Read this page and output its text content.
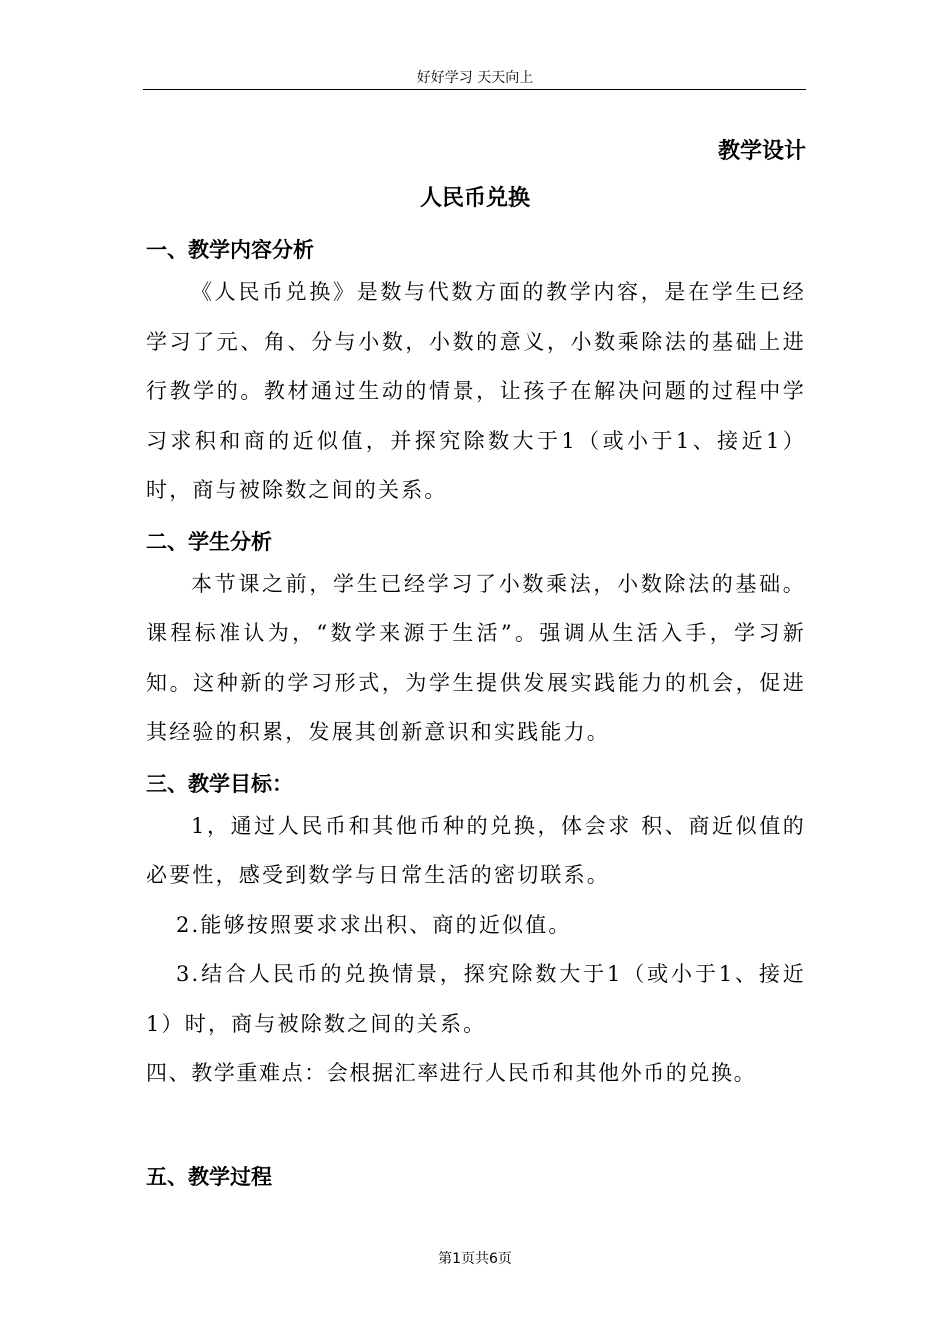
好好学习 天天向上
教学设计
人民币兑换

一、教学内容分析

《人民币兑换》是数与代数方面的教学内容，是在学生已经学习了元、角、分与小数，小数的意义，小数乘除法的基础上进行教学的。教材通过生动的情景，让孩子在解决问题的过程中学习求积和商的近似值，并探究除数大于1（或小于1、接近1）时，商与被除数之间的关系。

二、学生分析

本节课之前，学生已经学习了小数乘法，小数除法的基础。课程标准认为，“数学来源于生活”。强调从生活入手，学习新知。这种新的学习形式，为学生提供发展实践能力的机会，促进其经验的积累，发展其创新意识和实践能力。

三、教学目标：

1，通过人民币和其他币种的兑换，体会求 积、商近似值的必要性，感受到数学与日常生活的密切联系。

2.能够按照要求求出积、商的近似值。

3.结合人民币的兑换情景，探究除数大于1（或小于1、接近1）时，商与被除数之间的关系。

四、教学重难点：会根据汇率进行人民币和其他外币的兑换。

五、教学过程

第1页共6页
